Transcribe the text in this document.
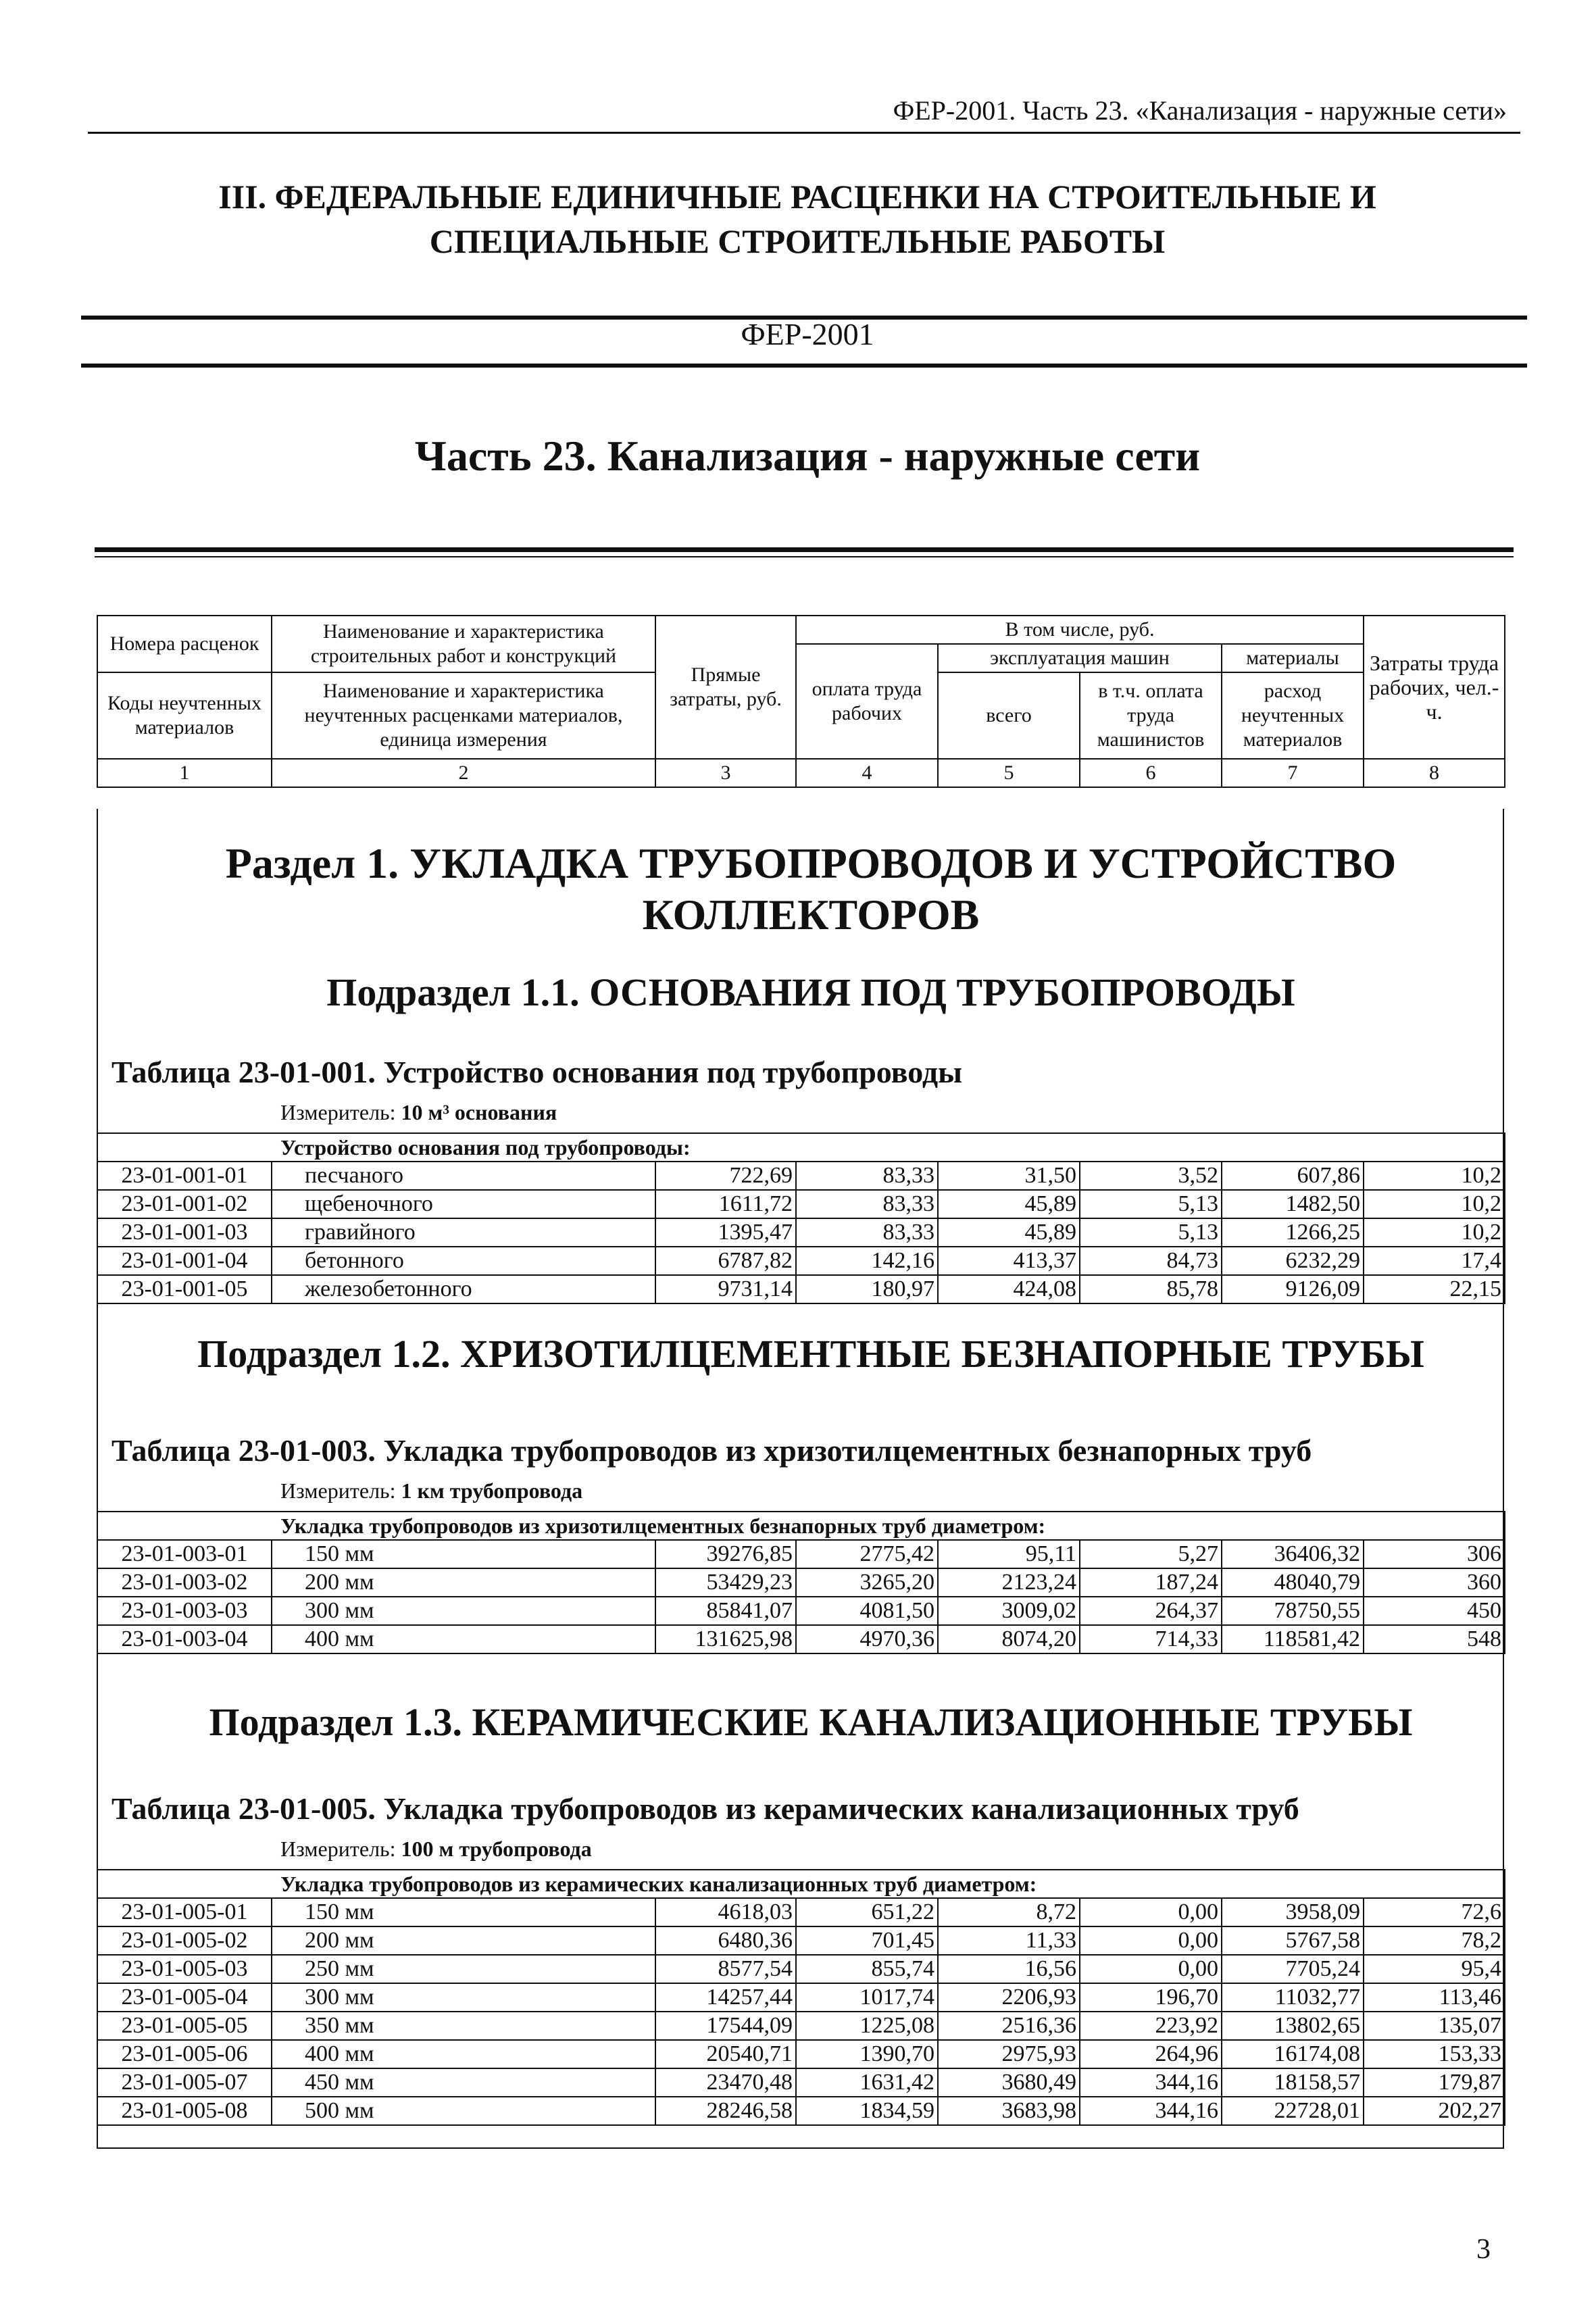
ФЕР-2001. Часть 23. «Канализация - наружные сети»
III. ФЕДЕРАЛЬНЫЕ ЕДИНИЧНЫЕ РАСЦЕНКИ НА СТРОИТЕЛЬНЫЕ И
СПЕЦИАЛЬНЫЕ СТРОИТЕЛЬНЫЕ РАБОТЫ
ФЕР-2001
Часть 23. Канализация - наружные сети
Номера расценок	Наименование и характеристика строительных работ и конструкций	Прямые затраты, руб.	В том числе, руб.				Затраты труда рабочих, чел.-ч.
			оплата труда рабочих	эксплуатация машин		материалы	
Коды неучтенных материалов	Наименование и характеристика неучтенных расценками материалов, единица измерения			всего	в т.ч. оплата труда машинистов	расход неучтенных материалов	

1	2	3	4	5	6	7	8
Раздел 1. УКЛАДКА ТРУБОПРОВОДОВ И УСТРОЙСТВО
КОЛЛЕКТОРОВ
Подраздел 1.1. ОСНОВАНИЯ ПОД ТРУБОПРОВОДЫ
Таблица 23-01-001. Устройство основания под трубопроводы
Измеритель: 10 м³ основания
Устройство основания под трубопроводы:							
23-01-001-01	песчаного	722,69	83,33	31,50	3,52	607,86	10,2
23-01-001-02	щебеночного	1611,72	83,33	45,89	5,13	1482,50	10,2
23-01-001-03	гравийного	1395,47	83,33	45,89	5,13	1266,25	10,2
23-01-001-04	бетонного	6787,82	142,16	413,37	84,73	6232,29	17,4
23-01-001-05	железобетонного	9731,14	180,97	424,08	85,78	9126,09	22,15
Подраздел 1.2. ХРИЗОТИЛЦЕМЕНТНЫЕ БЕЗНАПОРНЫЕ ТРУБЫ
Таблица 23-01-003. Укладка трубопроводов из хризотилцементных безнапорных труб
Измеритель: 1 км трубопровода
Укладка трубопроводов из хризотилцементных безнапорных труб диаметром:							
23-01-003-01	150 мм	39276,85	2775,42	95,11	5,27	36406,32	306
23-01-003-02	200 мм	53429,23	3265,20	2123,24	187,24	48040,79	360
23-01-003-03	300 мм	85841,07	4081,50	3009,02	264,37	78750,55	450
23-01-003-04	400 мм	131625,98	4970,36	8074,20	714,33	118581,42	548
Подраздел 1.3. КЕРАМИЧЕСКИЕ КАНАЛИЗАЦИОННЫЕ ТРУБЫ
Таблица 23-01-005. Укладка трубопроводов из керамических канализационных труб
Измеритель: 100 м трубопровода
Укладка трубопроводов из керамических канализационных труб диаметром:							
23-01-005-01	150 мм	4618,03	651,22	8,72	0,00	3958,09	72,6
23-01-005-02	200 мм	6480,36	701,45	11,33	0,00	5767,58	78,2
23-01-005-03	250 мм	8577,54	855,74	16,56	0,00	7705,24	95,4
23-01-005-04	300 мм	14257,44	1017,74	2206,93	196,70	11032,77	113,46
23-01-005-05	350 мм	17544,09	1225,08	2516,36	223,92	13802,65	135,07
23-01-005-06	400 мм	20540,71	1390,70	2975,93	264,96	16174,08	153,33
23-01-005-07	450 мм	23470,48	1631,42	3680,49	344,16	18158,57	179,87
23-01-005-08	500 мм	28246,58	1834,59	3683,98	344,16	22728,01	202,27
3
